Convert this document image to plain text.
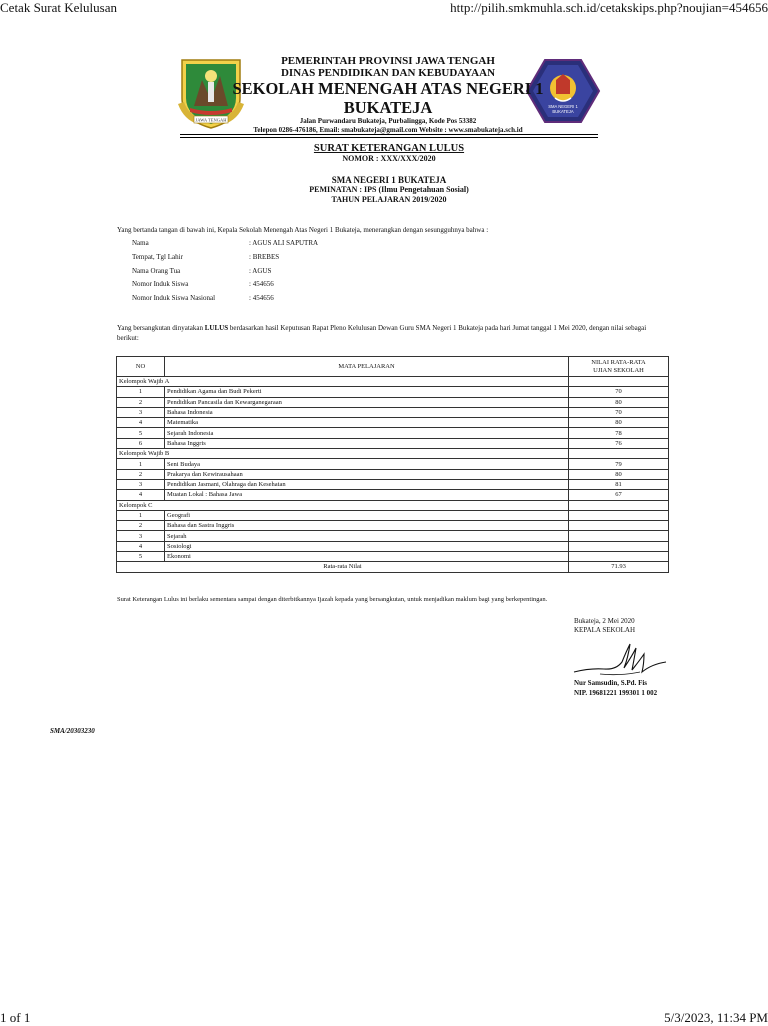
Cetak Surat Kelulusan	http://pilih.smkmuhla.sch.id/cetakskips.php?noujian=454656
1 of 1	5/3/2023, 11:34 PM
JAWA TENGAH
SMA NEGERI 1
BUKATEJA
PEMERINTAH PROVINSI JAWA TENGAH
DINAS PENDIDIKAN DAN KEBUDAYAAN
SEKOLAH MENENGAH ATAS NEGERI 1
BUKATEJA
Jalan Purwandaru Bukateja, Purbalingga, Kode Pos 53382
Telepon 0286-476186, Email: smabukateja@gmail.com Website : www.smabukateja.sch.id
SURAT KETERANGAN LULUS
NOMOR : XXX/XXX/2020
SMA NEGERI 1 BUKATEJA
PEMINATAN : IPS (Ilmu Pengetahuan Sosial)
TAHUN PELAJARAN 2019/2020
Yang bertanda tangan di bawah ini, Kepala Sekolah Menengah Atas Negeri 1 Bukateja, menerangkan dengan sesungguhnya bahwa :
Nama	: AGUS ALI SAPUTRA
Tempat, Tgl Lahir	: BREBES
Nama Orang Tua	: AGUS
Nomor Induk Siswa	: 454656
Nomor Induk Siswa Nasional	: 454656
Yang bersangkutan dinyatakan LULUS berdasarkan hasil Keputusan Rapat Pleno Kelulusan Dewan Guru SMA Negeri 1 Bukateja pada hari Jumat tanggal 1 Mei 2020, dengan nilai sebagai berikut:
NO	MATA PELAJARAN	NILAI RATA-RATA
UJIAN SEKOLAH
Kelompok Wajib A		
1	Pendidikan Agama dan Budi Pekerti	70
2	Pendidikan Pancasila dan Kewarganegaraan	80
3	Bahasa Indonesia	70
4	Matematika	80
5	Sejarah Indonesia	78
6	Bahasa Inggris	76
Kelompok Wajib B		
1	Seni Budaya	79
2	Prakarya dan Kewirausahaan	80
3	Pendidikan Jasmani, Olahraga dan Kesehatan	81
4	Muatan Lokal : Bahasa Jawa	67
Kelompok C		
1	Geografi	
2	Bahasa dan Sastra Inggris	
3	Sejarah	
4	Sosiologi	
5	Ekonomi	
Rata-rata Nilai		71.93
Surat Keterangan Lulus ini berlaku sementara sampai dengan diterbitkannya Ijazah kepada yang bersangkutan, untuk menjadikan maklum bagi yang berkepentingan.
Bukateja, 2 Mei 2020
KEPALA SEKOLAH
Nur Samsudin, S.Pd. Fis
NIP. 19681221 199301 1 002
SMA/20303230
